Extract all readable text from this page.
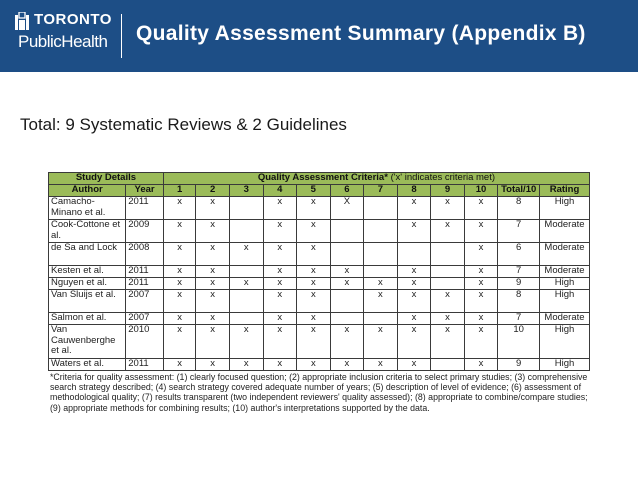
TORONTO
PublicHealth Quality Assessment Summary (Appendix B)
Total: 9 Systematic Reviews & 2 Guidelines
Study Details		Quality Assessment Criteria* ('x' indicates criteria met)											
Author	Year	1	2	3	4	5	6	7	8	9	10	Total/10	Rating
Camacho-Minano et al.	2011	x	x		x	x	X		x	x	x	8	High
Cook-Cottone et al.	2009	x	x		x	x			x	x	x	7	Moderate
de Sa and Lock	2008	x	x	x	x	x					x	6	Moderate
Kesten et al.	2011	x	x		x	x	x		x		x	7	Moderate
Nguyen et al.	2011	x	x	x	x	x	x	x	x		x	9	High
Van Sluijs et al.	2007	x	x		x	x		x	x	x	x	8	High
Salmon et al.	2007	x	x		x	x			x	x	x	7	Moderate
Van Cauwenberghe et al.	2010	x	x	x	x	x	x	x	x	x	x	10	High
Waters et al.	2011	x	x	x	x	x	x	x	x		x	9	High
*Criteria for quality assessment: (1) clearly focused question; (2) appropriate inclusion criteria to select primary studies; (3) comprehensive search strategy described; (4) search strategy covered adequate number of years; (5) description of level of evidence; (6) assessment of methodological quality; (7) results transparent (two independent reviewers' quality assessed); (8) appropriate to combine/compare studies; (9) appropriate methods for combining results; (10) author's interpretations supported by the data.
